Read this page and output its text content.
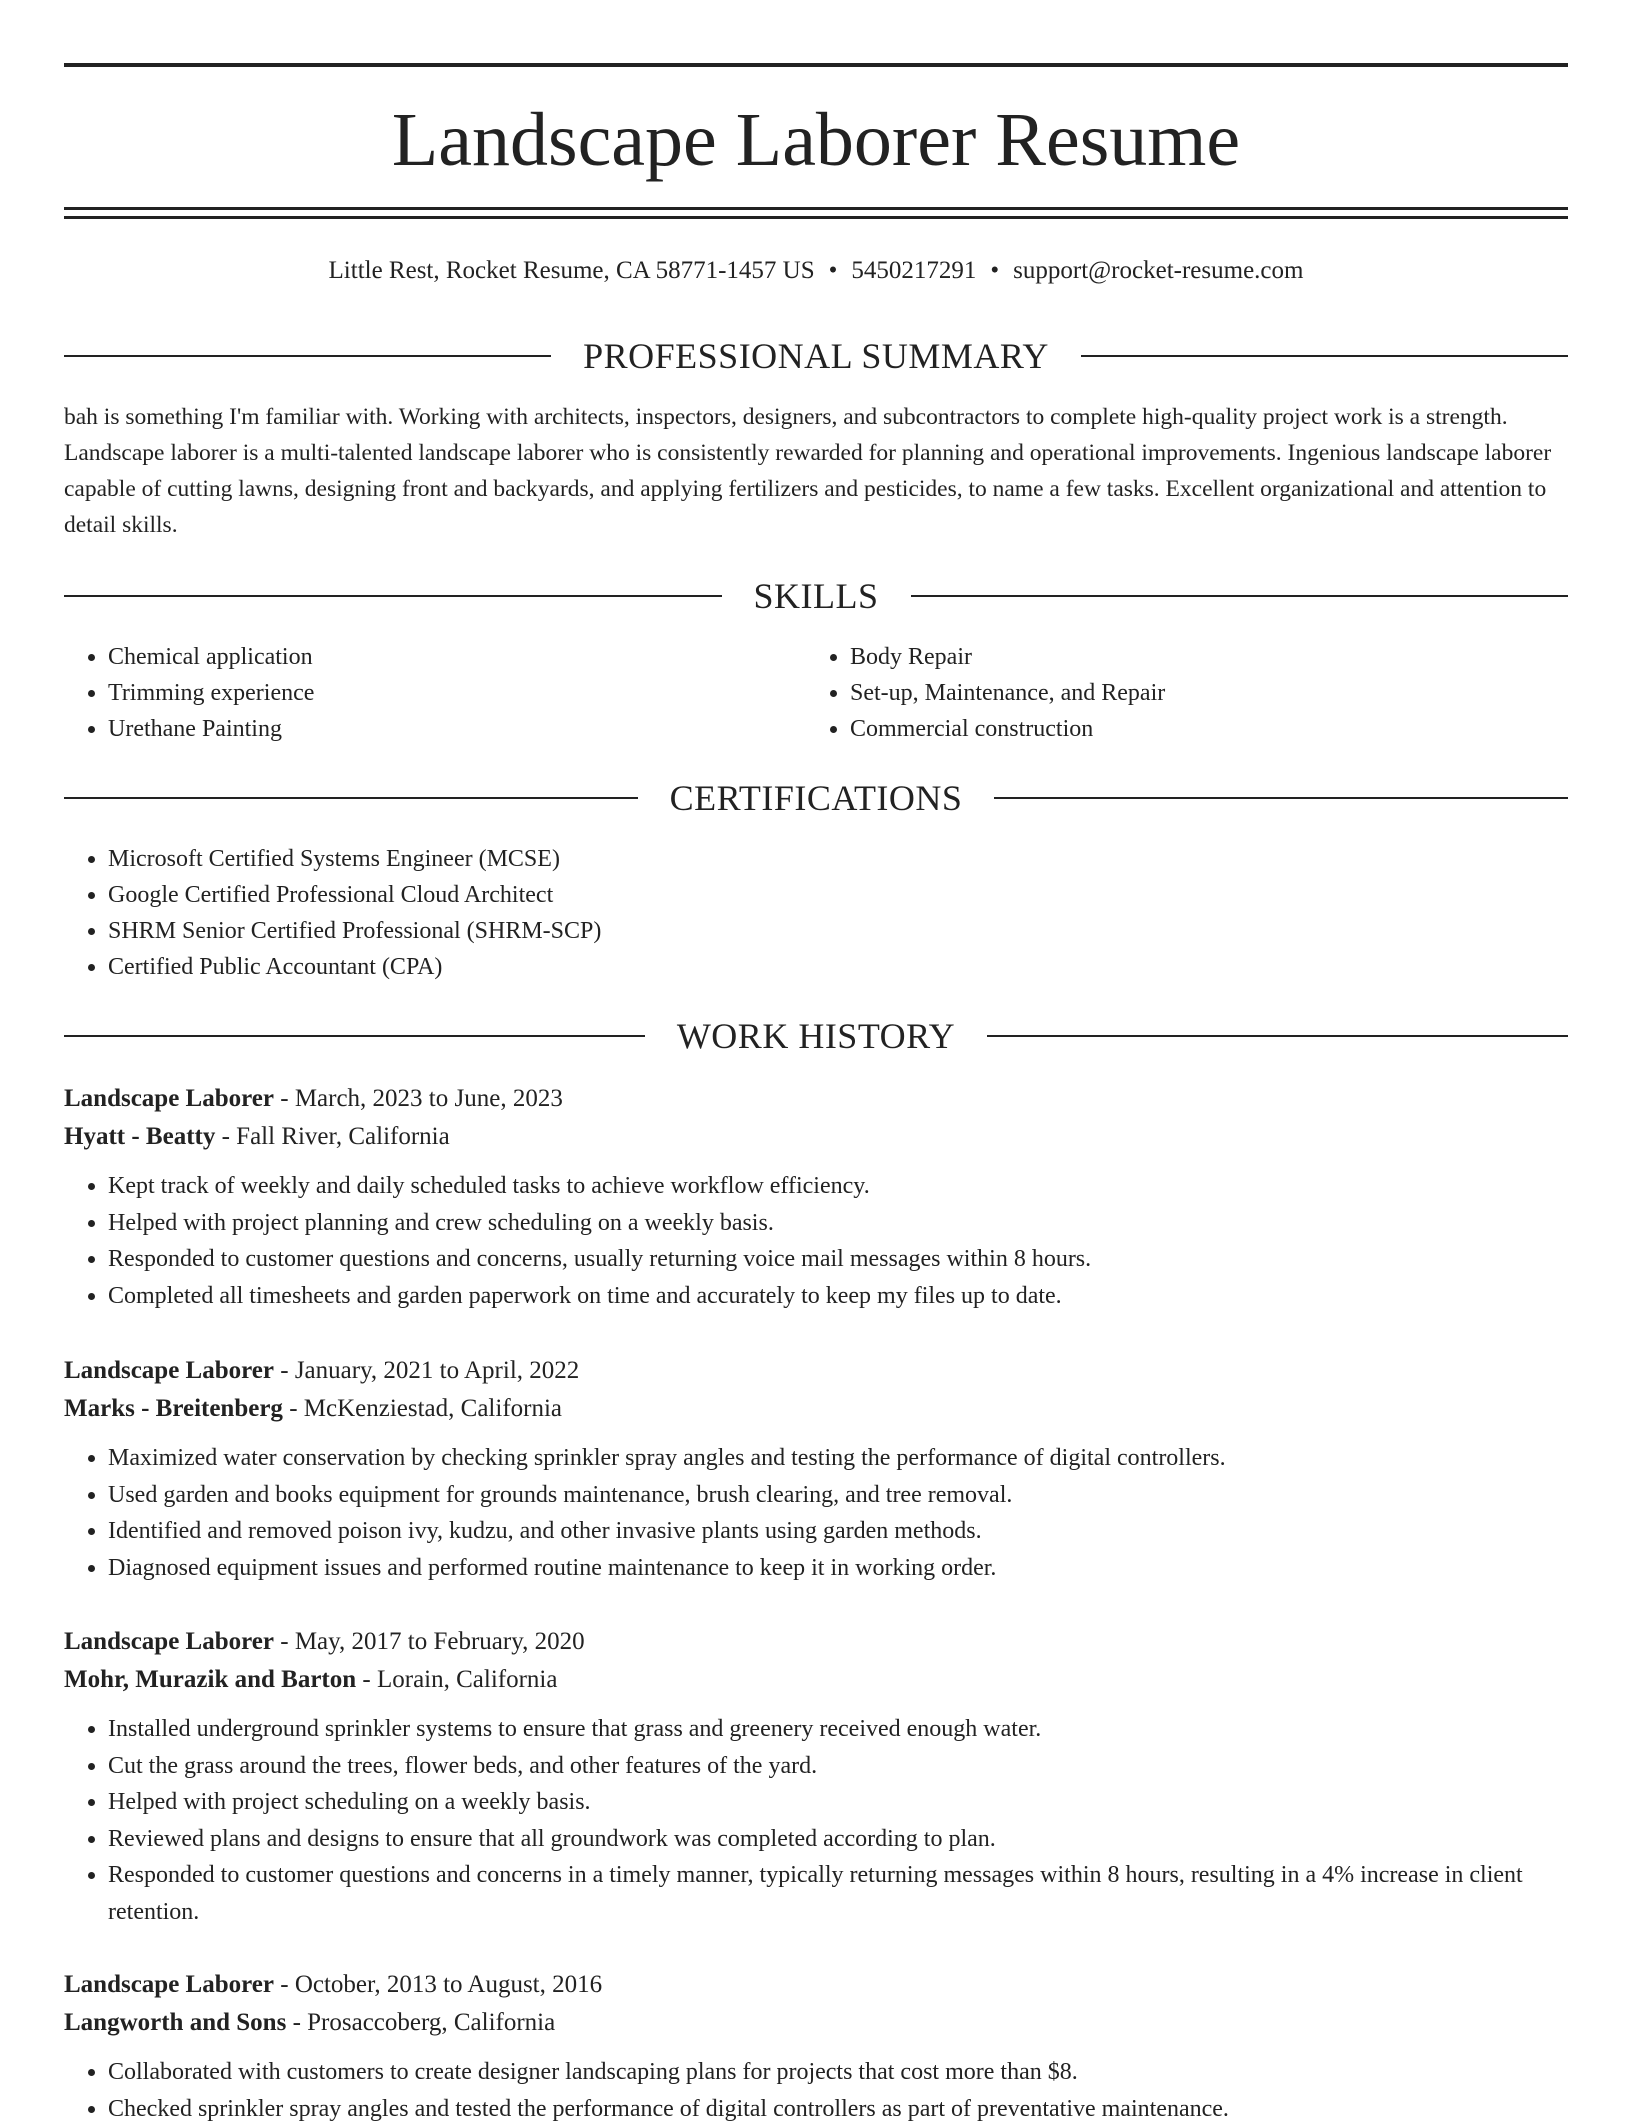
Landscape Laborer Resume
Little Rest, Rocket Resume, CA 58771-1457 US • 5450217291 • support@rocket-resume.com
PROFESSIONAL SUMMARY

bah is something I'm familiar with. Working with architects, inspectors, designers, and subcontractors to complete high-quality project work is a strength. Landscape laborer is a multi-talented landscape laborer who is consistently rewarded for planning and operational improvements. Ingenious landscape laborer capable of cutting lawns, designing front and backyards, and applying fertilizers and pesticides, to name a few tasks. Excellent organizational and attention to detail skills.

SKILLS
• Chemical application
• Trimming experience
• Urethane Painting
• Body Repair
• Set-up, Maintenance, and Repair
• Commercial construction
CERTIFICATIONS
• Microsoft Certified Systems Engineer (MCSE)
• Google Certified Professional Cloud Architect
• SHRM Senior Certified Professional (SHRM-SCP)
• Certified Public Accountant (CPA)
WORK HISTORY
Landscape Laborer - March, 2023 to June, 2023
Hyatt - Beatty - Fall River, California
• Kept track of weekly and daily scheduled tasks to achieve workflow efficiency.
• Helped with project planning and crew scheduling on a weekly basis.
• Responded to customer questions and concerns, usually returning voice mail messages within 8 hours.
• Completed all timesheets and garden paperwork on time and accurately to keep my files up to date.
Landscape Laborer - January, 2021 to April, 2022
Marks - Breitenberg - McKenziestad, California
• Maximized water conservation by checking sprinkler spray angles and testing the performance of digital controllers.
• Used garden and books equipment for grounds maintenance, brush clearing, and tree removal.
• Identified and removed poison ivy, kudzu, and other invasive plants using garden methods.
• Diagnosed equipment issues and performed routine maintenance to keep it in working order.
Landscape Laborer - May, 2017 to February, 2020
Mohr, Murazik and Barton - Lorain, California
• Installed underground sprinkler systems to ensure that grass and greenery received enough water.
• Cut the grass around the trees, flower beds, and other features of the yard.
• Helped with project scheduling on a weekly basis.
• Reviewed plans and designs to ensure that all groundwork was completed according to plan.
• Responded to customer questions and concerns in a timely manner, typically returning messages within 8 hours, resulting in a 4% increase in client retention.
Landscape Laborer - October, 2013 to August, 2016
Langworth and Sons - Prosaccoberg, California
• Collaborated with customers to create designer landscaping plans for projects that cost more than $8.
• Checked sprinkler spray angles and tested the performance of digital controllers as part of preventative maintenance.
